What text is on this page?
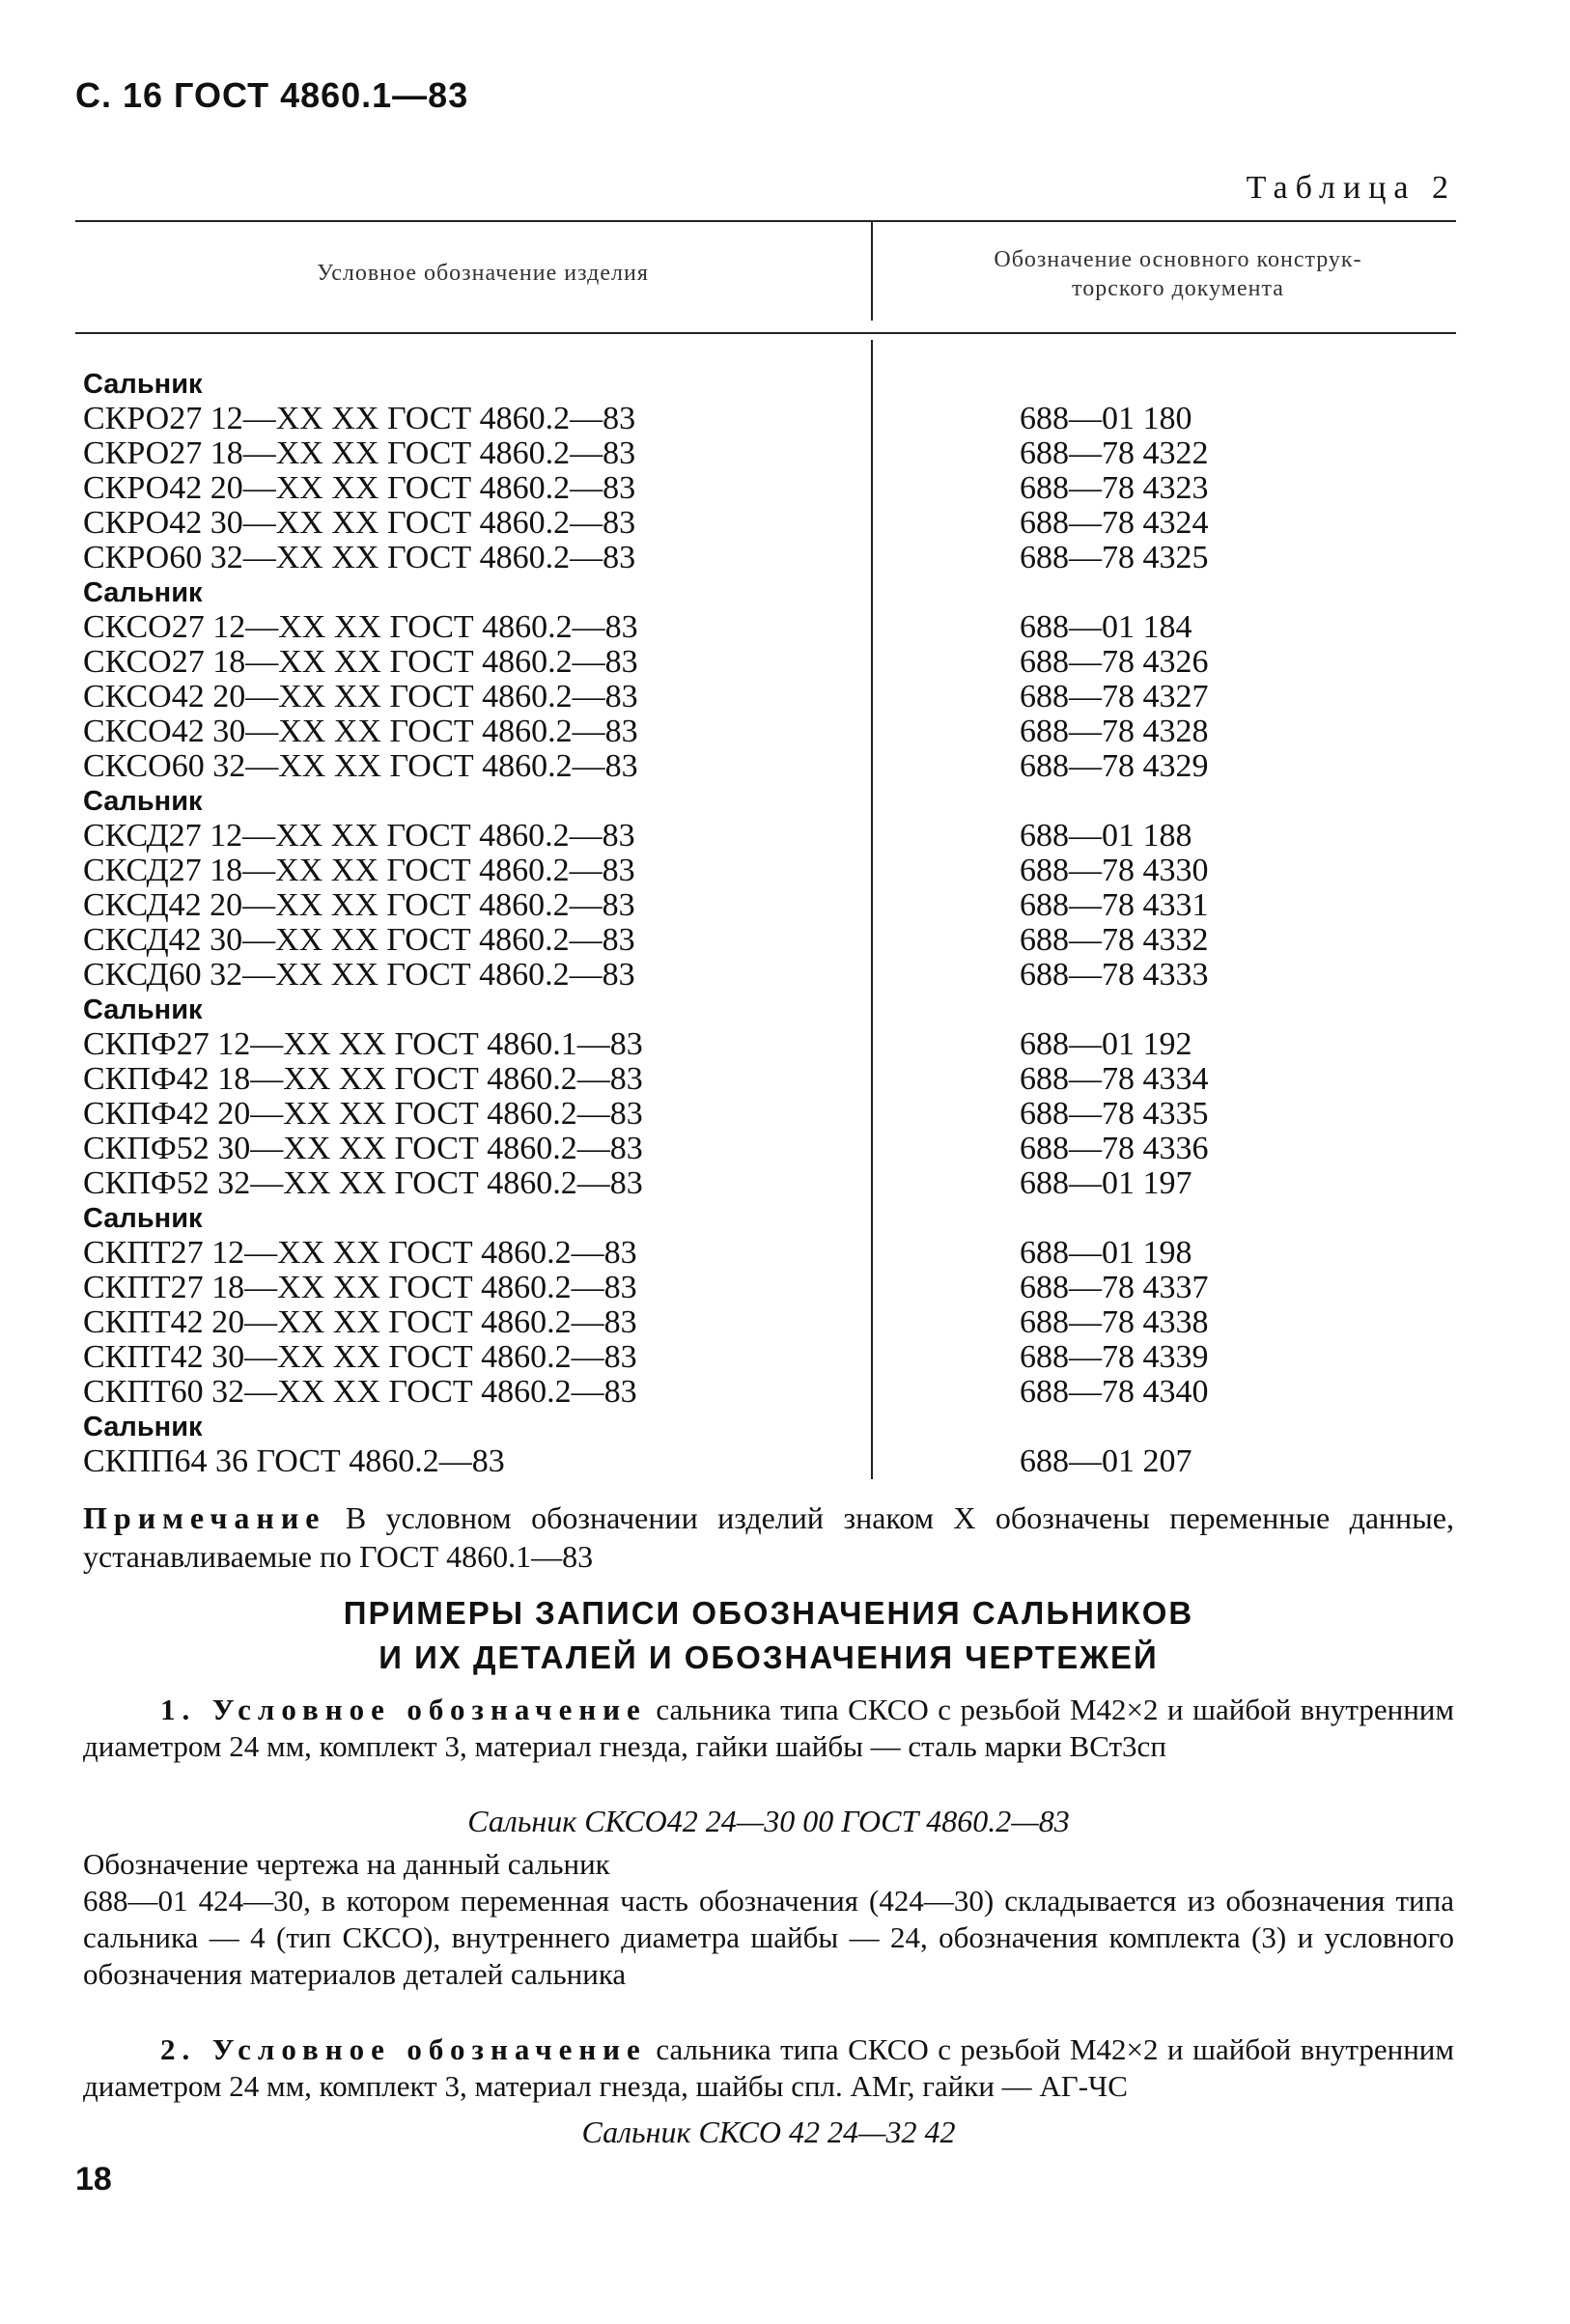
С. 16 ГОСТ 4860.1—83
Таблица 2
Условное обозначение изделия
Обозначение основного конструк-
торского документа
Сальник
СКРО27 12—XX XX ГОСТ 4860.2—83	688—01 180
СКРО27 18—XX XX ГОСТ 4860.2—83	688—78 4322
СКРО42 20—XX XX ГОСТ 4860.2—83	688—78 4323
СКРО42 30—XX XX ГОСТ 4860.2—83	688—78 4324
СКРО60 32—XX XX ГОСТ 4860.2—83	688—78 4325
Сальник
СКСО27 12—XX XX ГОСТ 4860.2—83	688—01 184
СКСО27 18—XX XX ГОСТ 4860.2—83	688—78 4326
СКСО42 20—XX XX ГОСТ 4860.2—83	688—78 4327
СКСО42 30—XX XX ГОСТ 4860.2—83	688—78 4328
СКСО60 32—XX XX ГОСТ 4860.2—83	688—78 4329
Сальник
СКСД27 12—XX XX ГОСТ 4860.2—83	688—01 188
СКСД27 18—XX XX ГОСТ 4860.2—83	688—78 4330
СКСД42 20—XX XX ГОСТ 4860.2—83	688—78 4331
СКСД42 30—XX XX ГОСТ 4860.2—83	688—78 4332
СКСД60 32—XX XX ГОСТ 4860.2—83	688—78 4333
Сальник
СКПФ27 12—XX XX ГОСТ 4860.1—83	688—01 192
СКПФ42 18—XX XX ГОСТ 4860.2—83	688—78 4334
СКПФ42 20—XX XX ГОСТ 4860.2—83	688—78 4335
СКПФ52 30—XX XX ГОСТ 4860.2—83	688—78 4336
СКПФ52 32—XX XX ГОСТ 4860.2—83	688—01 197
Сальник
СКПТ27 12—XX XX ГОСТ 4860.2—83	688—01 198
СКПТ27 18—XX XX ГОСТ 4860.2—83	688—78 4337
СКПТ42 20—XX XX ГОСТ 4860.2—83	688—78 4338
СКПТ42 30—XX XX ГОСТ 4860.2—83	688—78 4339
СКПТ60 32—XX XX ГОСТ 4860.2—83	688—78 4340
Сальник
СКПП64 36 ГОСТ 4860.2—83	688—01 207
Примечание В условном обозначении изделий знаком X обозначены переменные данные, устанавливаемые по ГОСТ 4860.1—83
ПРИМЕРЫ ЗАПИСИ ОБОЗНАЧЕНИЯ САЛЬНИКОВ
И ИХ ДЕТАЛЕЙ И ОБОЗНАЧЕНИЯ ЧЕРТЕЖЕЙ
1. Условное обозначение сальника типа СКСО с резьбой М42×2 и шайбой внутренним диаметром 24 мм, комплект 3, материал гнезда, гайки шайбы — сталь марки ВСт3сп
Сальник СКСО42 24—30 00 ГОСТ 4860.2—83
Обозначение чертежа на данный сальник
688—01 424—30, в котором переменная часть обозначения (424—30) складывается из обозначения типа сальника — 4 (тип СКСО), внутреннего диаметра шайбы — 24, обозначения комплекта (3) и условного обозначения материалов деталей сальника
2. Условное обозначение сальника типа СКСО с резьбой М42×2 и шайбой внутренним диаметром 24 мм, комплект 3, материал гнезда, шайбы спл. АМг, гайки — АГ-ЧС
Сальник СКСО 42 24—32 42
18
